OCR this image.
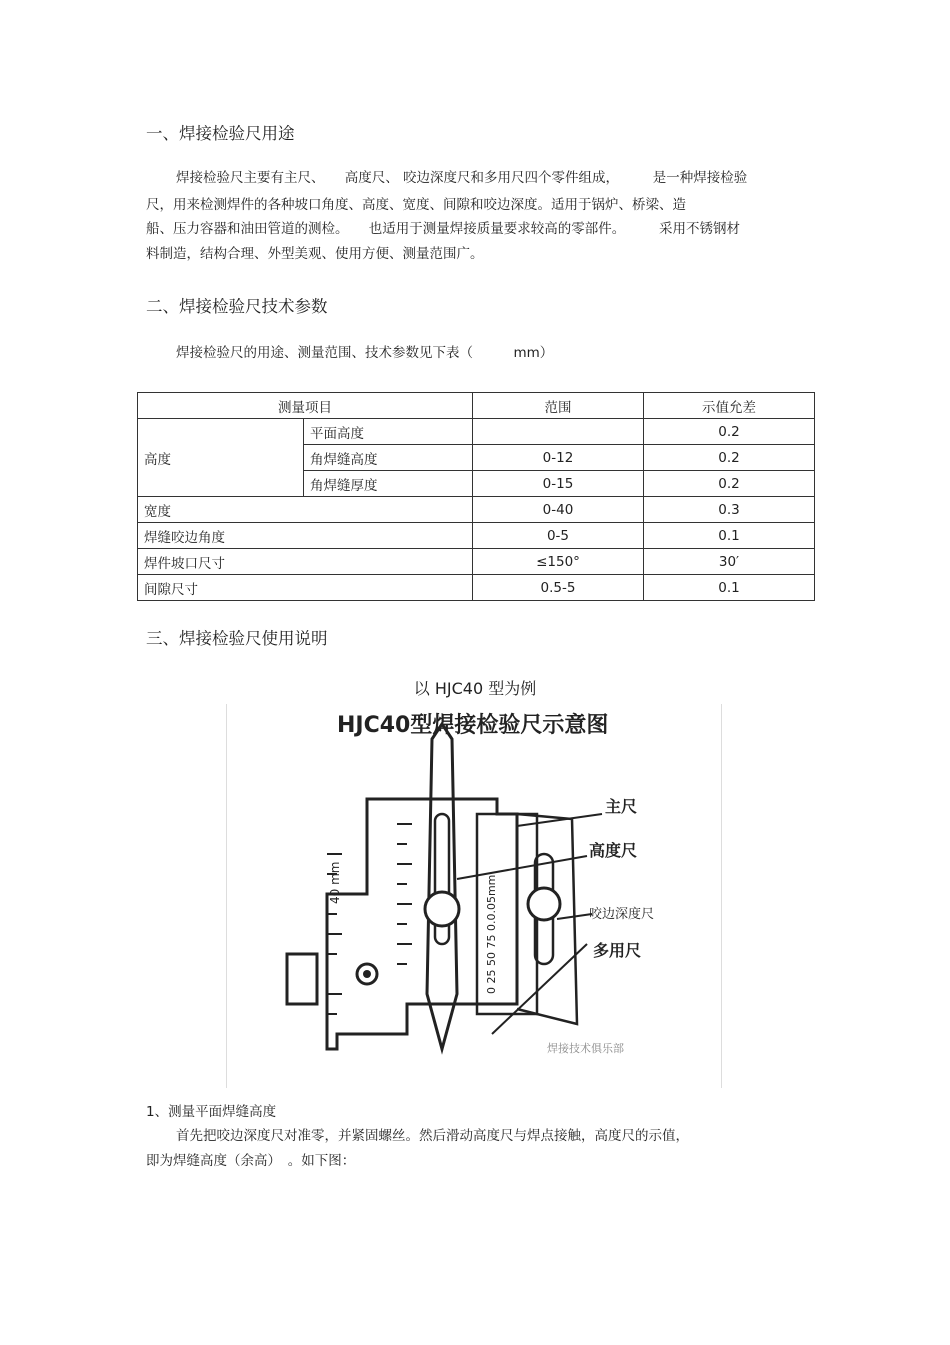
一、焊接检验尺用途
焊接检验尺主要有主尺、　　高度尺、 咬边深度尺和多用尺四个零件组成，　　　是一种焊接检验
尺，用来检测焊件的各种坡口角度、高度、宽度、间隙和咬边深度。适用于锅炉、桥梁、造
船、压力容器和油田管道的测检。　　也适用于测量焊接质量要求较高的零部件。　　　采用不锈钢材
料制造，结构合理、外型美观、使用方便、测量范围广。
二、焊接检验尺技术参数
焊接检验尺的用途、测量范围、技术参数见下表（　　　mm）
测量项目		范围	示值允差
高度	平面高度		0.2
	角焊缝高度	0-12	0.2
	角焊缝厚度	0-15	0.2
宽度		0-40	0.3
焊缝咬边角度		0-5	0.1
焊件坡口尺寸		≤150°	30′
间隙尺寸		0.5-5	0.1
三、焊接检验尺使用说明
以 HJC40 型为例
HJC40型焊接检验尺示意图
40 mm	0 25 50 75 0.0.05mm
主尺
高度尺
咬边深度尺
多用尺
焊接技术俱乐部
1、测量平面焊缝高度
首先把咬边深度尺对准零，并紧固螺丝。然后滑动高度尺与焊点接触，高度尺的示值，
即为焊缝高度（余高）　。如下图：
